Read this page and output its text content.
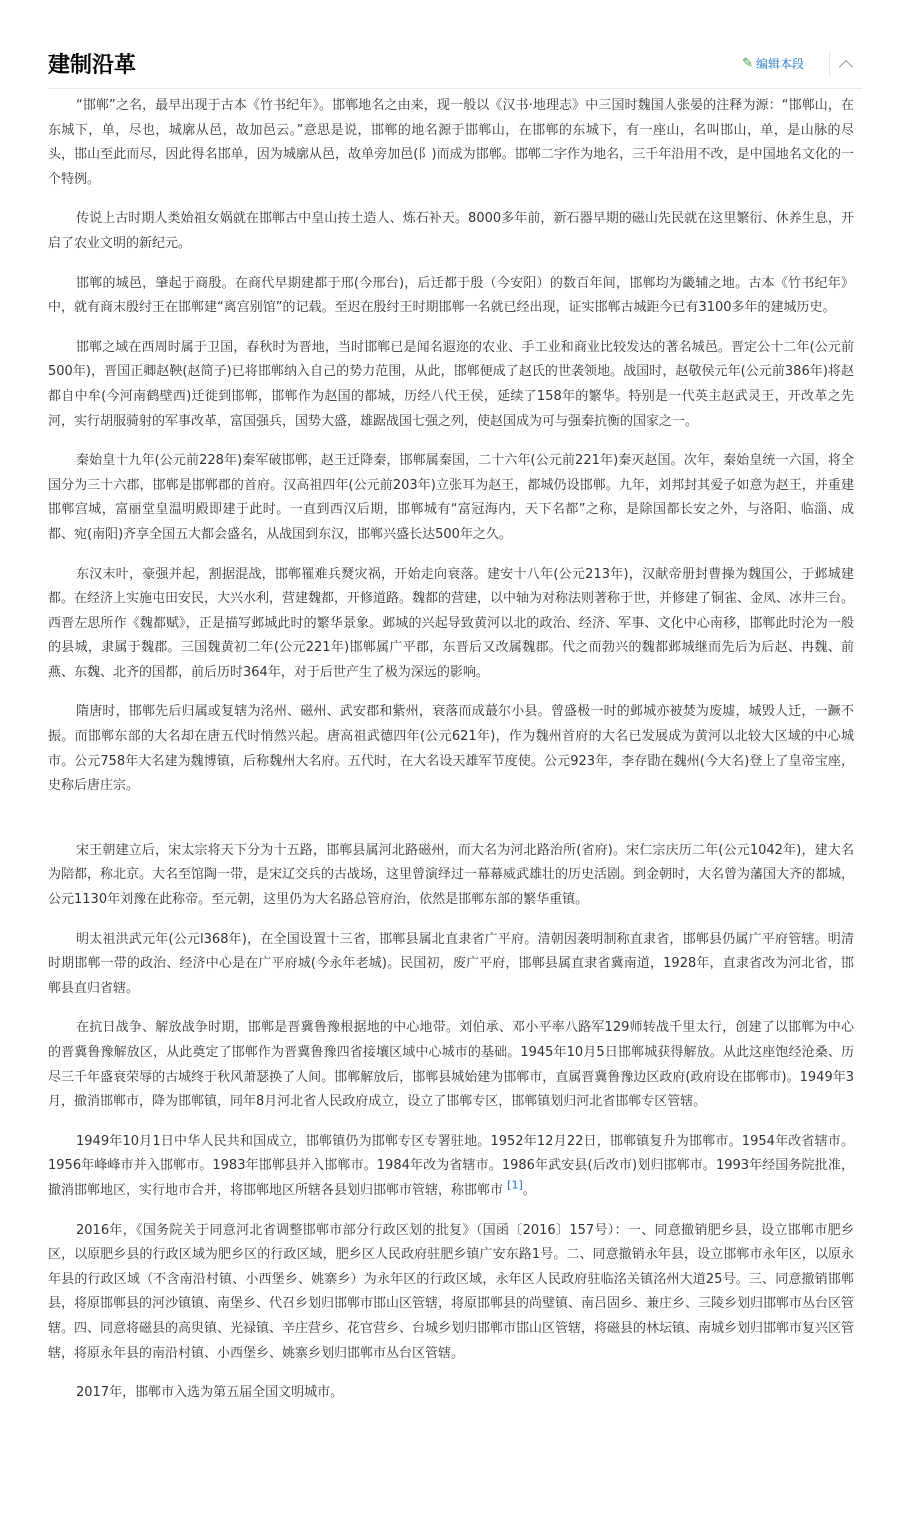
建制沿革	✎ 编辑本段

“邯郸”之名，最早出现于古本《竹书纪年》。邯郸地名之由来，现一般以《汉书·地理志》中三国时魏国人张晏的注释为源：“邯郸山，在东城下，单，尽也，城廓从邑，故加邑云。”意思是说，邯郸的地名源于邯郸山，在邯郸的东城下，有一座山，名叫邯山，单，是山脉的尽头，邯山至此而尽，因此得名邯单，因为城廓从邑，故单旁加邑(阝)而成为邯郸。邯郸二字作为地名，三千年沿用不改，是中国地名文化的一个特例。

传说上古时期人类始祖女娲就在邯郸古中皇山抟土造人、炼石补天。8000多年前，新石器早期的磁山先民就在这里繁衍、休养生息，开启了农业文明的新纪元。

邯郸的城邑，肇起于商殷。在商代早期建都于邢(今邢台)，后迁都于殷（今安阳）的数百年间，邯郸均为畿辅之地。古本《竹书纪年》中，就有商末殷纣王在邯郸建“离宫别馆”的记载。至迟在殷纣王时期邯郸一名就已经出现，证实邯郸古城距今已有3100多年的建城历史。

邯郸之域在西周时属于卫国，春秋时为晋地，当时邯郸已是闻名遐迩的农业、手工业和商业比较发达的著名城邑。晋定公十二年(公元前500年)，晋国正卿赵鞅(赵简子)已将邯郸纳入自己的势力范围，从此，邯郸便成了赵氏的世袭领地。战国时，赵敬侯元年(公元前386年)将赵都自中牟(今河南鹤壁西)迁徙到邯郸，邯郸作为赵国的都城，历经八代王侯，延续了158年的繁华。特别是一代英主赵武灵王，开改革之先河，实行胡服骑射的军事改革，富国强兵，国势大盛，雄踞战国七强之列，使赵国成为可与强秦抗衡的国家之一。

秦始皇十九年(公元前228年)秦军破邯郸，赵王迁降秦，邯郸属秦国，二十六年(公元前221年)秦灭赵国。次年，秦始皇统一六国，将全国分为三十六郡，邯郸是邯郸郡的首府。汉高祖四年(公元前203年)立张耳为赵王，都城仍设邯郸。九年，刘邦封其爱子如意为赵王，并重建邯郸宫城，富丽堂皇温明殿即建于此时。一直到西汉后期，邯郸城有“富冠海内，天下名都”之称，是除国都长安之外，与洛阳、临淄、成都、宛(南阳)齐享全国五大都会盛名，从战国到东汉，邯郸兴盛长达500年之久。

东汉末叶，豪强并起，割据混战，邯郸罹难兵燹灾祸，开始走向衰落。建安十八年(公元213年)，汉献帝册封曹操为魏国公，于邺城建都。在经济上实施屯田安民，大兴水利，营建魏都，开修道路。魏都的营建，以中轴为对称法则著称于世，并修建了铜雀、金凤、冰井三台。西晋左思所作《魏都赋》，正是描写邺城此时的繁华景象。邺城的兴起导致黄河以北的政治、经济、军事、文化中心南移，邯郸此时沦为一般的县城，隶属于魏郡。三国魏黄初二年(公元221年)邯郸属广平郡，东晋后又改属魏郡。代之而勃兴的魏都邺城继而先后为后赵、冉魏、前燕、东魏、北齐的国都，前后历时364年，对于后世产生了极为深远的影响。

隋唐时，邯郸先后归属或复辖为洺州、磁州、武安郡和紫州，衰落而成蕞尔小县。曾盛极一时的邺城亦被焚为废墟，城毁人迁，一蹶不振。而邯郸东部的大名却在唐五代时悄然兴起。唐高祖武德四年(公元621年)，作为魏州首府的大名已发展成为黄河以北较大区域的中心城市。公元758年大名建为魏博镇，后称魏州大名府。五代时，在大名设天雄军节度使。公元923年，李存勖在魏州(今大名)登上了皇帝宝座，史称后唐庄宗。

宋王朝建立后，宋太宗将天下分为十五路，邯郸县属河北路磁州，而大名为河北路治所(省府)。宋仁宗庆历二年(公元1042年)，建大名为陪都，称北京。大名至馆陶一带，是宋辽交兵的古战场，这里曾演绎过一幕幕威武雄壮的历史活剧。到金朝时，大名曾为藩国大齐的都城，公元1130年刘豫在此称帝。至元朝，这里仍为大名路总管府治，依然是邯郸东部的繁华重镇。

明太祖洪武元年(公元l368年)，在全国设置十三省，邯郸县属北直隶省广平府。清朝因袭明制称直隶省，邯郸县仍属广平府管辖。明清时期邯郸一带的政治、经济中心是在广平府城(今永年老城)。民国初，废广平府，邯郸县属直隶省冀南道，1928年，直隶省改为河北省，邯郸县直归省辖。

在抗日战争、解放战争时期，邯郸是晋冀鲁豫根据地的中心地带。刘伯承、邓小平率八路军129师转战千里太行，创建了以邯郸为中心的晋冀鲁豫解放区，从此奠定了邯郸作为晋冀鲁豫四省接壤区域中心城市的基础。1945年10月5日邯郸城获得解放。从此这座饱经沧桑、历尽三千年盛衰荣辱的古城终于秋风萧瑟换了人间。邯郸解放后，邯郸县城始建为邯郸市，直属晋冀鲁豫边区政府(政府设在邯郸市)。1949年3月，撤消邯郸市，降为邯郸镇，同年8月河北省人民政府成立，设立了邯郸专区，邯郸镇划归河北省邯郸专区管辖。

1949年10月1日中华人民共和国成立，邯郸镇仍为邯郸专区专署驻地。1952年12月22日，邯郸镇复升为邯郸市。1954年改省辖市。1956年峰峰市并入邯郸市。1983年邯郸县并入邯郸市。1984年改为省辖市。1986年武安县(后改市)划归邯郸市。1993年经国务院批准，撤消邯郸地区，实行地市合并，将邯郸地区所辖各县划归邯郸市管辖，称邯郸市 [1]。

2016年，《国务院关于同意河北省调整邯郸市部分行政区划的批复》（国函〔2016〕157号）：一、同意撤销肥乡县，设立邯郸市肥乡区，以原肥乡县的行政区域为肥乡区的行政区域，肥乡区人民政府驻肥乡镇广安东路1号。二、同意撤销永年县，设立邯郸市永年区，以原永年县的行政区域（不含南沿村镇、小西堡乡、姚寨乡）为永年区的行政区域，永年区人民政府驻临洺关镇洺州大道25号。三、同意撤销邯郸县，将原邯郸县的河沙镇镇、南堡乡、代召乡划归邯郸市邯山区管辖，将原邯郸县的尚璧镇、南吕固乡、兼庄乡、三陵乡划归邯郸市丛台区管辖。四、同意将磁县的高臾镇、光禄镇、辛庄营乡、花官营乡、台城乡划归邯郸市邯山区管辖，将磁县的林坛镇、南城乡划归邯郸市复兴区管辖，将原永年县的南沿村镇、小西堡乡、姚寨乡划归邯郸市丛台区管辖。

2017年，邯郸市入选为第五届全国文明城市。
